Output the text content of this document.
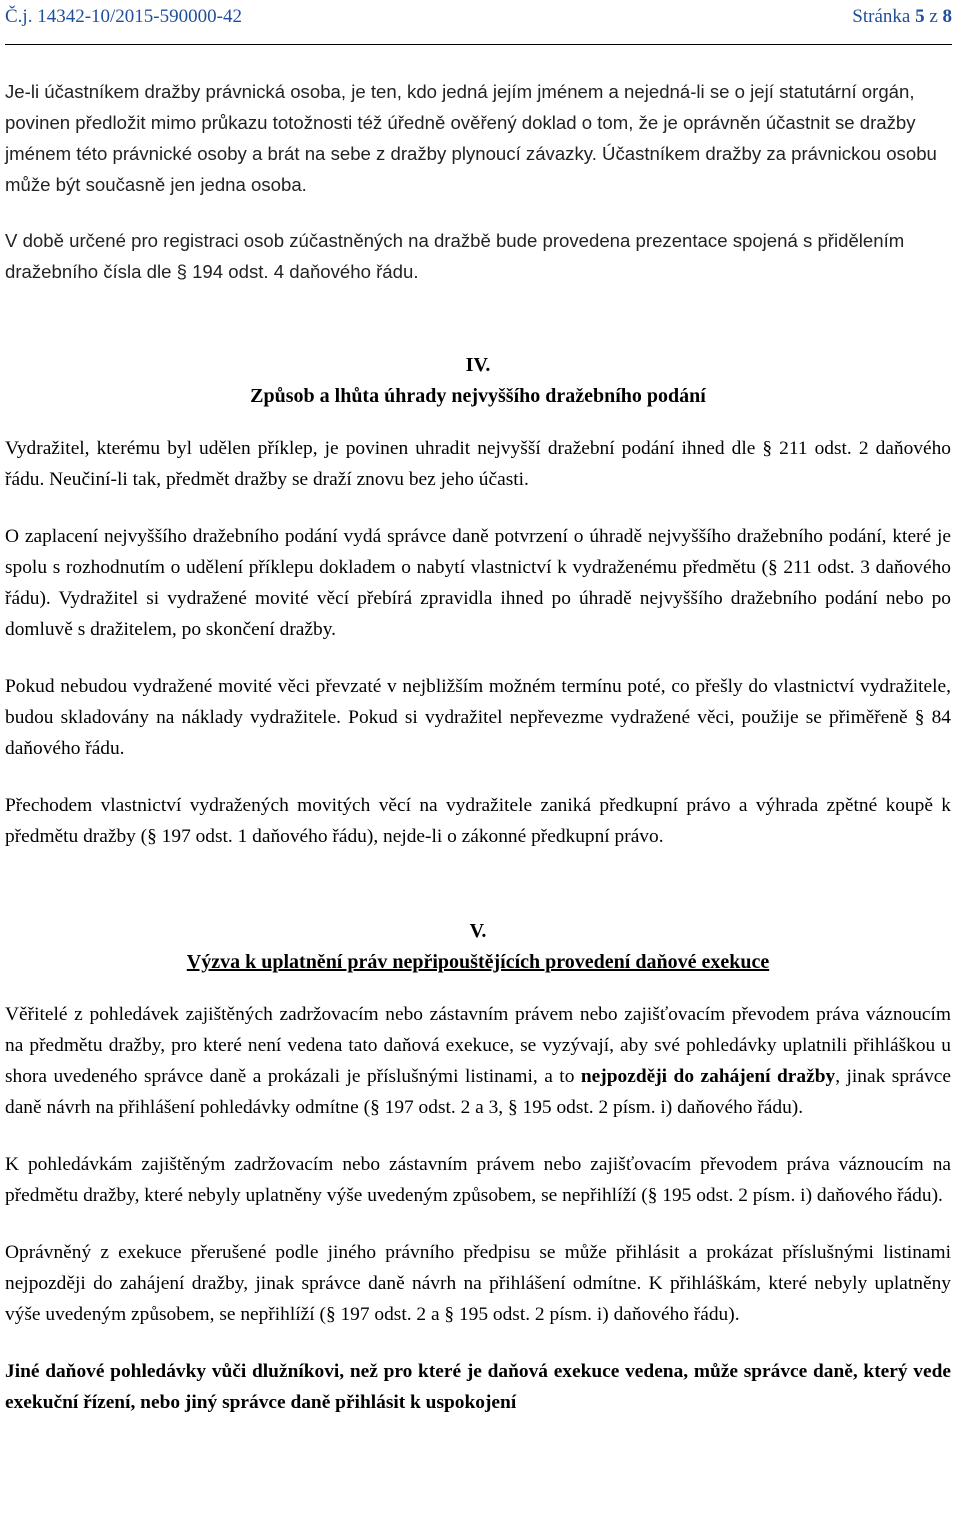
Č.j. 14342-10/2015-590000-42	Stránka 5 z 8

Je-li účastníkem dražby právnická osoba, je ten, kdo jedná jejím jménem a nejedná-li se o její statutární orgán, povinen předložit mimo průkazu totožnosti též úředně ověřený doklad o tom, že je oprávněn účastnit se dražby jménem této právnické osoby a brát na sebe z dražby plynoucí závazky. Účastníkem dražby za právnickou osobu může být současně jen jedna osoba.

V době určené pro registraci osob zúčastněných na dražbě bude provedena prezentace spojená s přidělením dražebního čísla dle § 194 odst. 4 daňového řádu.

IV.
Způsob a lhůta úhrady nejvyššího dražebního podání

Vydražitel, kterému byl udělen příklep, je povinen uhradit nejvyšší dražební podání ihned dle § 211 odst. 2 daňového řádu. Neučiní-li tak, předmět dražby se draží znovu bez jeho účasti.

O zaplacení nejvyššího dražebního podání vydá správce daně potvrzení o úhradě nejvyššího dražebního podání, které je spolu s rozhodnutím o udělení příklepu dokladem o nabytí vlastnictví k vydraženému předmětu (§ 211 odst. 3 daňového řádu). Vydražitel si vydražené movité věcí přebírá zpravidla ihned po úhradě nejvyššího dražebního podání nebo po domluvě s dražitelem, po skončení dražby.

Pokud nebudou vydražené movité věci převzaté v nejbližším možném termínu poté, co přešly do vlastnictví vydražitele, budou skladovány na náklady vydražitele. Pokud si vydražitel nepřevezme vydražené věci, použije se přiměřeně § 84 daňového řádu.

Přechodem vlastnictví vydražených movitých věcí na vydražitele zaniká předkupní právo a výhrada zpětné koupě k předmětu dražby (§ 197 odst. 1 daňového řádu), nejde-li o zákonné předkupní právo.

V.
Výzva k uplatnění práv nepřipouštějících provedení daňové exekuce

Věřitelé z pohledávek zajištěných zadržovacím nebo zástavním právem nebo zajišťovacím převodem práva váznoucím na předmětu dražby, pro které není vedena tato daňová exekuce, se vyzývají, aby své pohledávky uplatnili přihláškou u shora uvedeného správce daně a prokázali je příslušnými listinami, a to nejpozději do zahájení dražby, jinak správce daně návrh na přihlášení pohledávky odmítne (§ 197 odst. 2 a 3, § 195 odst. 2 písm. i) daňového řádu).

K pohledávkám zajištěným zadržovacím nebo zástavním právem nebo zajišťovacím převodem práva váznoucím na předmětu dražby, které nebyly uplatněny výše uvedeným způsobem, se nepřihlíží (§ 195 odst. 2 písm. i) daňového řádu).

Oprávněný z exekuce přerušené podle jiného právního předpisu se může přihlásit a prokázat příslušnými listinami nejpozději do zahájení dražby, jinak správce daně návrh na přihlášení odmítne. K přihláškám, které nebyly uplatněny výše uvedeným způsobem, se nepřihlíží (§ 197 odst. 2 a § 195 odst. 2 písm. i) daňového řádu).

Jiné daňové pohledávky vůči dlužníkovi, než pro které je daňová exekuce vedena, může správce daně, který vede exekuční řízení, nebo jiný správce daně přihlásit k uspokojení
